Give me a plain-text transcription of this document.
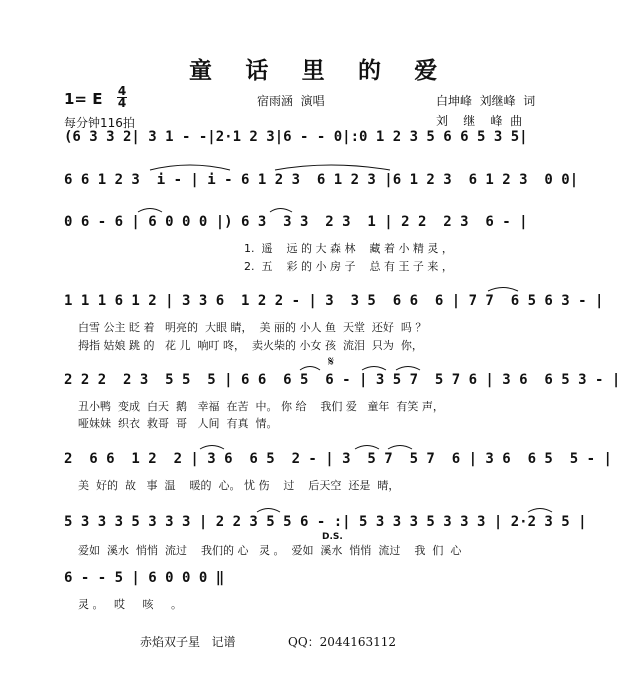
童 话 里 的 爱
1= E $\frac{4}{4}$
每分钟116拍
宿雨涵  演唱	白坤峰  刘继峰  词
刘    继    峰  曲
(6 3 3 2| 3 1 - -|2·1 2 3|6 - - 0|:0 1 2 3 5 6 6 5 3 5|
6 6 1 2 3  i - | i - 6 1 2 3  6 1 2 3 |6 1 2 3  6 1 2 3  0 0|
0 6 - 6 | 6 0 0 0 |) 6 3  3 3  2 3  1 | 2 2  2 3  6 - |
1.  遥    远 的 大 森 林    藏 着 小 精 灵 ，
2.  五    彩 的 小 房 子    总 有 王 子 来 ，
1 1 1 6 1 2 | 3 3 6  1 2 2 - | 3  3 5  6 6  6 | 7 7  6 5 6 3 - |
白雪 公主 眨 着   明亮的  大眼 睛，  美 丽的 小人 鱼  天堂  还好  吗 ？
拇指 姑娘 跳 的   花 儿  响叮 咚，  卖火柴的 小女 孩  流泪  只为  你，
𝄋
2 2 2  2 3  5 5  5 | 6 6  6 5  6 - | 3 5 7  5 7 6 | 3 6  6 5 3 - |
丑小鸭  变成  白天  鹅   幸福  在苦  中。 你 给    我们 爱   童年  有笑 声，
哑妹妹  织衣  救哥  哥   人间  有真  情。
2  6 6  1 2  2 | 3 6  6 5  2 - | 3  5 7  5 7  6 | 3 6  6 5  5 - |
美  好的  故   事  温    暖的  心。 忧 伤    过    后天空  还是  晴，
5 3 3 3 5 3 3 3 | 2 2 3 5 5 6 - :| 5 3 3 3 5 3 3 3 | 2·2 3 5 |
D.S.
爱如  溪水  悄悄  流过    我们的 心   灵 。  爱如  溪水  悄悄  流过    我  们  心
6 - - 5 | 6 0 0 0 ‖
灵 。   哎     咳     。
赤焰双子星   记谱	QQ：2044163112
